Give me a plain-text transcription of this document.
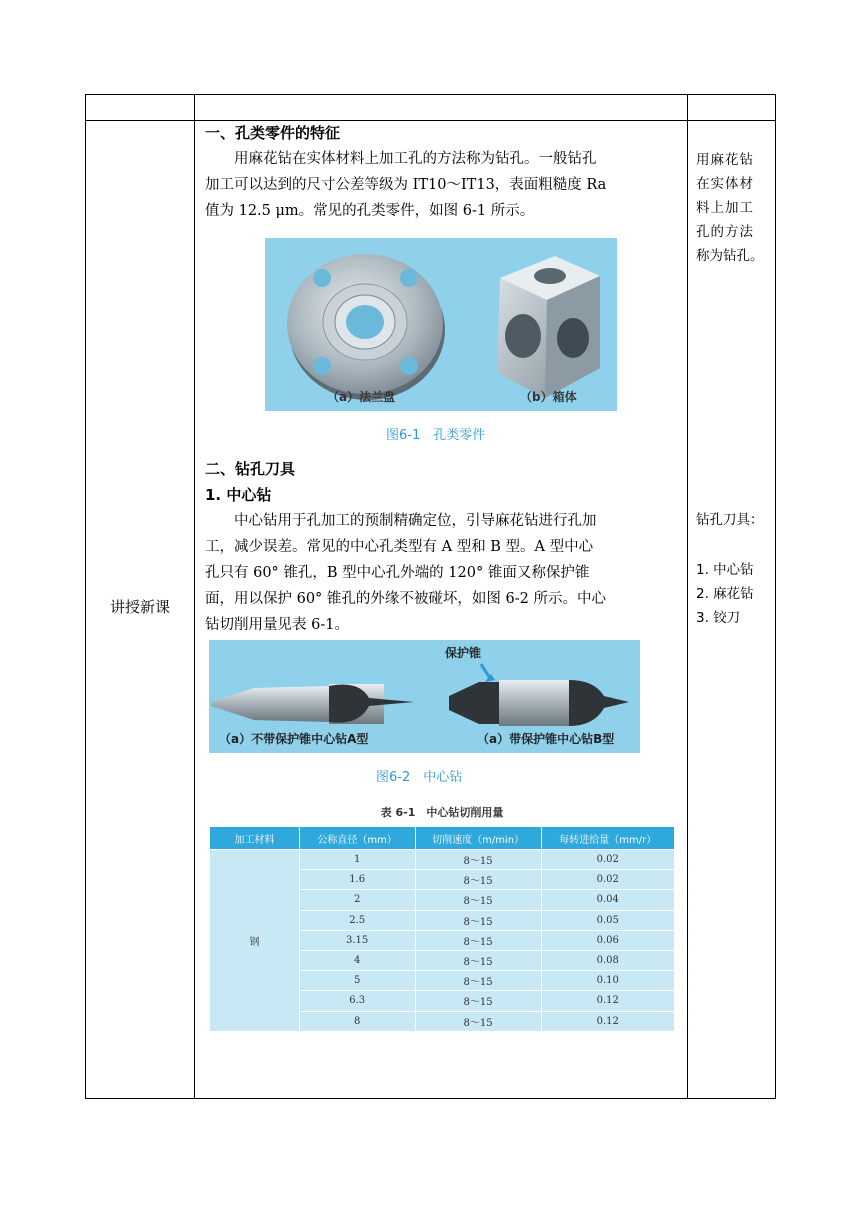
讲授新课
一、孔类零件的特征

用麻花钻在实体材料上加工孔的方法称为钻孔。一般钻孔

加工可以达到的尺寸公差等级为 IT10～IT13，表面粗糙度 Ra

值为 12.5 μm。常见的孔类零件，如图 6-1 所示。

（a）法兰盘	（b）箱体
图6-1　孔类零件
二、钻孔刀具
1. 中心钻

中心钻用于孔加工的预制精确定位，引导麻花钻进行孔加

工，减少误差。常见的中心孔类型有 A 型和 B 型。A 型中心

孔只有 60° 锥孔，B 型中心孔外端的 120° 锥面又称保护锥

面，用以保护 60° 锥孔的外缘不被碰坏，如图 6-2 所示。中心

钻切削用量见表 6-1。

保护锥
（a）不带保护锥中心钻A型	（a）带保护锥中心钻B型
图6-2　中心钻
表 6-1　中心钻切削用量
加工材料	公称直径（mm）	切削速度（m/min）	每转进给量（mm/r）
钢	1	8～15	0.02
	1.6	8～15	0.02
	2	8～15	0.04
	2.5	8～15	0.05
	3.15	8～15	0.06
	4	8～15	0.08
	5	8～15	0.10
	6.3	8～15	0.12
	8	8～15	0.12
用麻花钻
在实体材
料上加工
孔的方法
称为钻孔。
钻孔刀具：
1. 中心钻
2. 麻花钻
3. 铰刀
